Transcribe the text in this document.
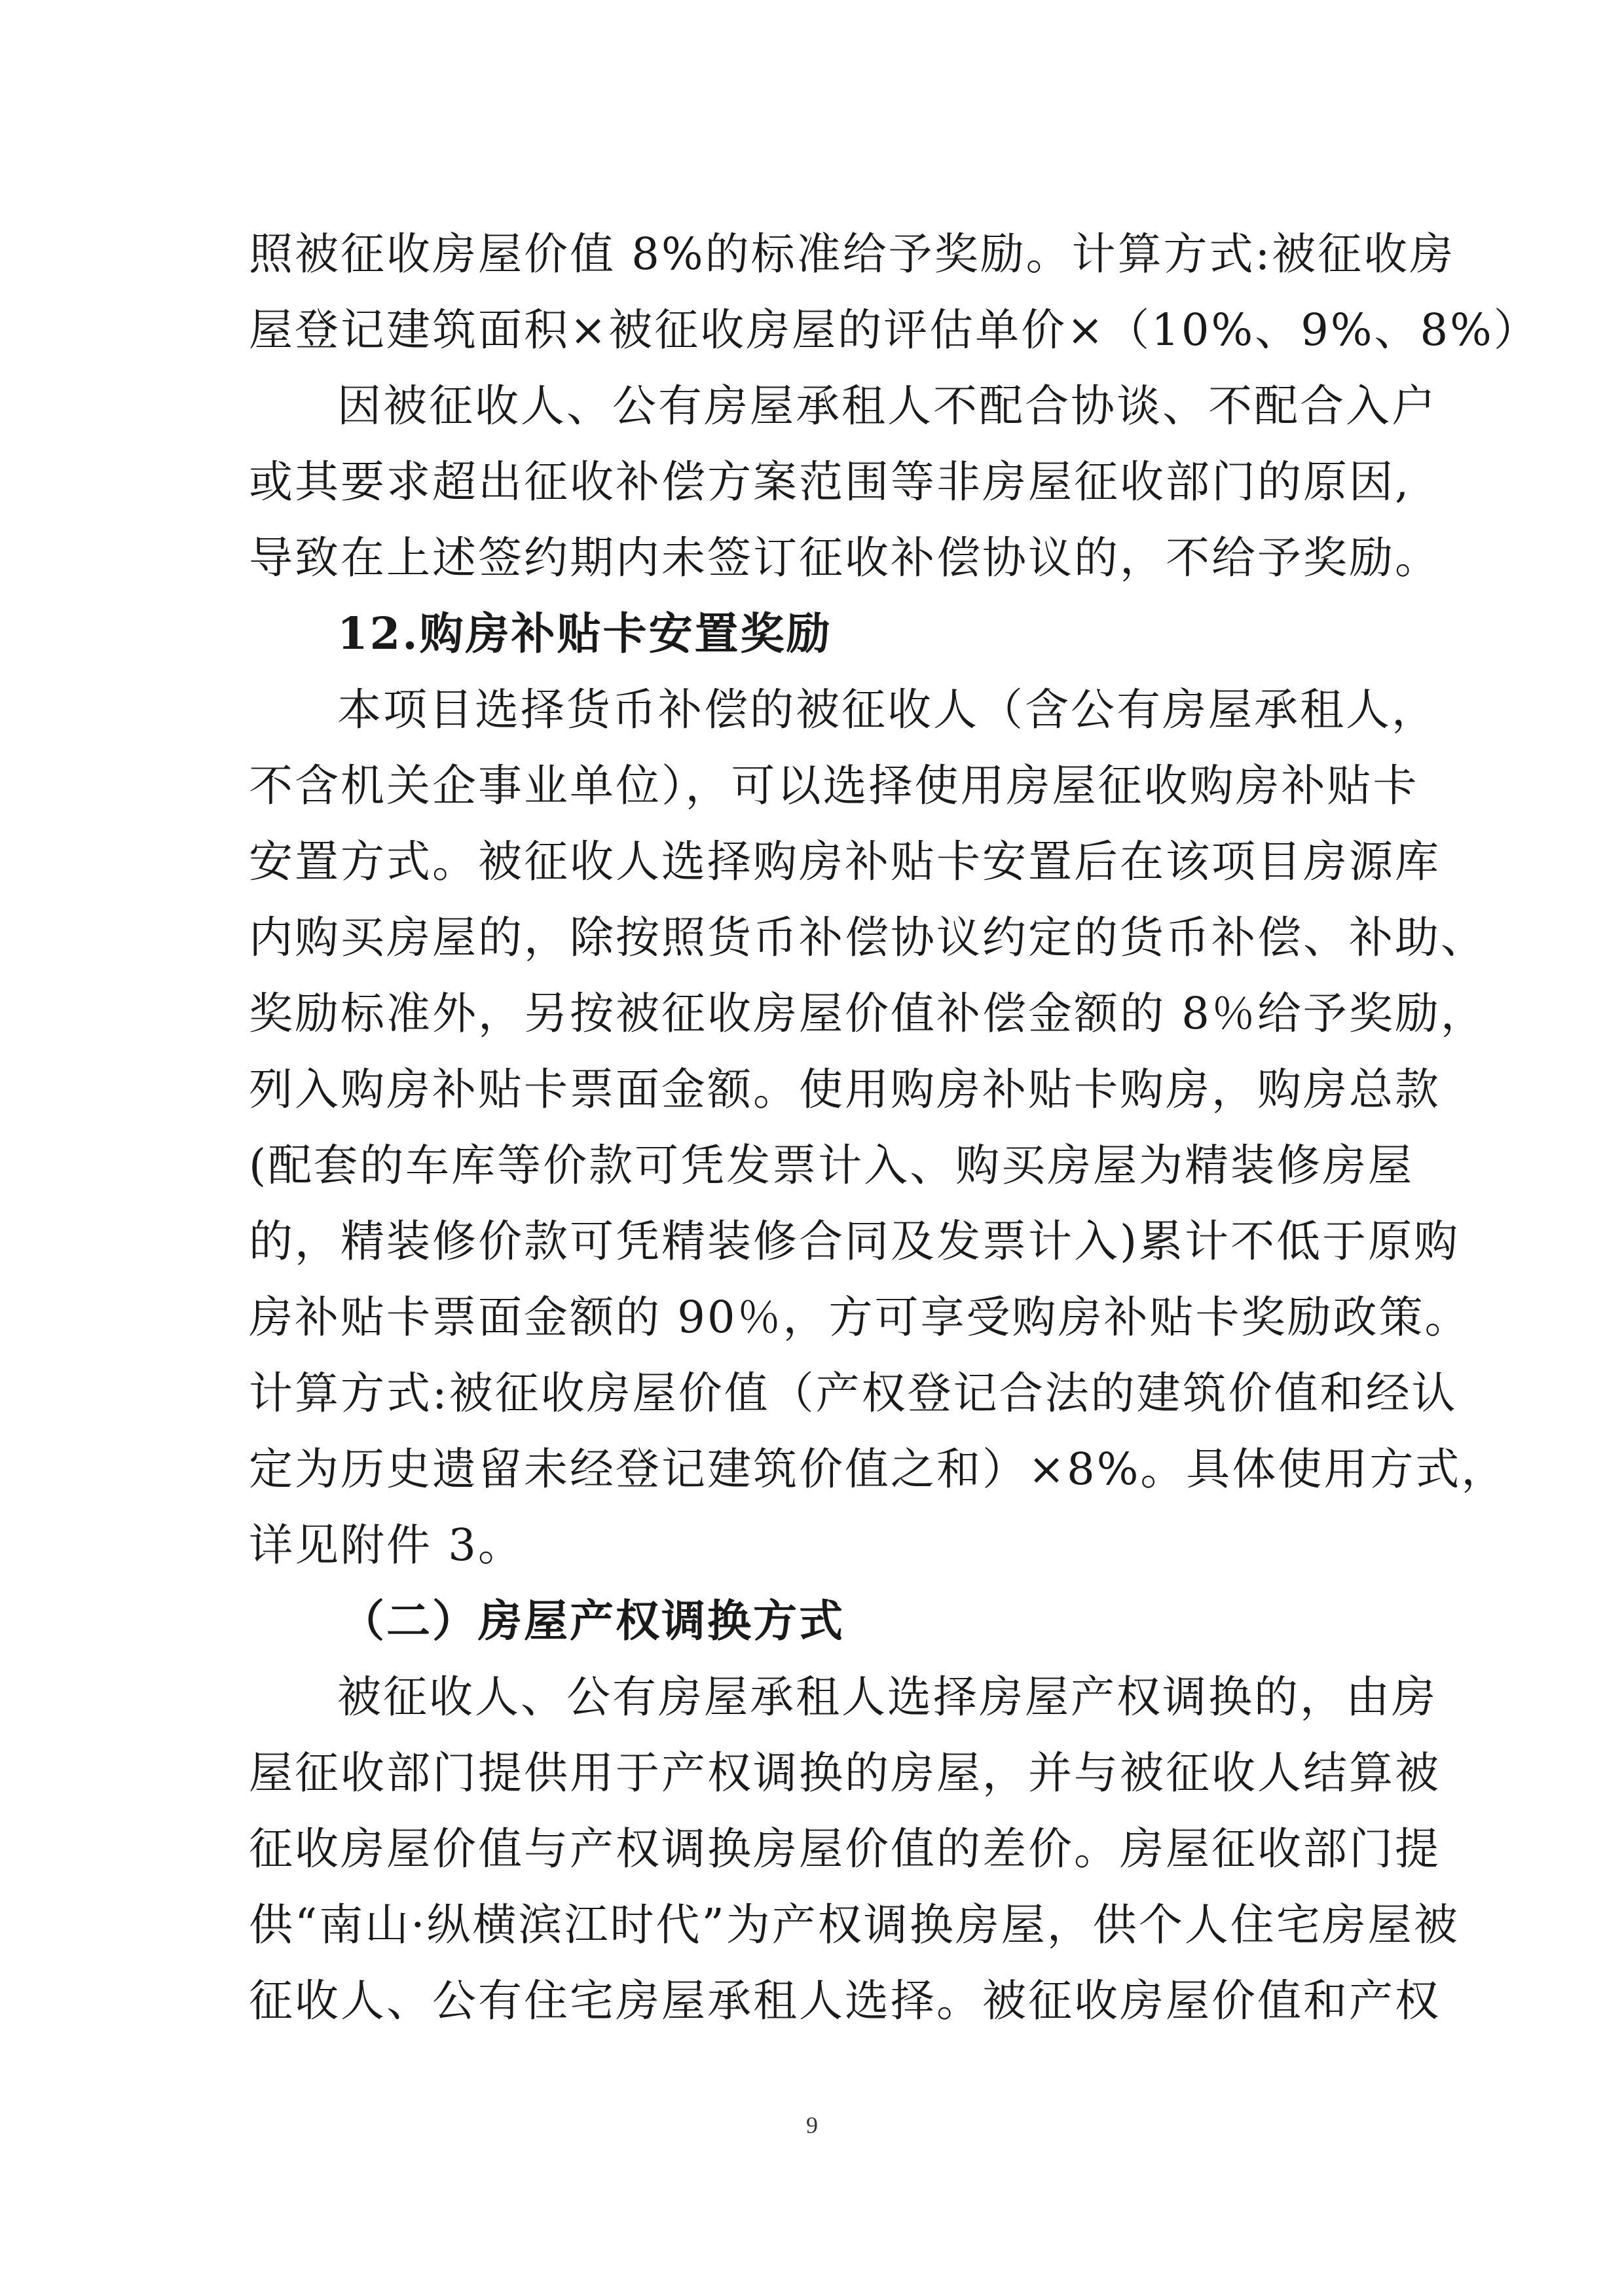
照被征收房屋价值 8%的标准给予奖励。计算方式:被征收房
屋登记建筑面积×被征收房屋的评估单价×（10%、9%、8%）
因被征收人、公有房屋承租人不配合协谈、不配合入户
或其要求超出征收补偿方案范围等非房屋征收部门的原因,
导致在上述签约期内未签订征收补偿协议的，不给予奖励。
12.购房补贴卡安置奖励
本项目选择货币补偿的被征收人（含公有房屋承租人，
不含机关企事业单位），可以选择使用房屋征收购房补贴卡
安置方式。被征收人选择购房补贴卡安置后在该项目房源库
内购买房屋的，除按照货币补偿协议约定的货币补偿、补助、
奖励标准外，另按被征收房屋价值补偿金额的 8％给予奖励，
列入购房补贴卡票面金额。使用购房补贴卡购房，购房总款
(配套的车库等价款可凭发票计入、购买房屋为精装修房屋
的，精装修价款可凭精装修合同及发票计入)累计不低于原购
房补贴卡票面金额的 90％，方可享受购房补贴卡奖励政策。
计算方式:被征收房屋价值（产权登记合法的建筑价值和经认
定为历史遗留未经登记建筑价值之和）×8%。具体使用方式，
详见附件 3。
（二）房屋产权调换方式
被征收人、公有房屋承租人选择房屋产权调换的，由房
屋征收部门提供用于产权调换的房屋，并与被征收人结算被
征收房屋价值与产权调换房屋价值的差价。房屋征收部门提
供“南山·纵横滨江时代”为产权调换房屋，供个人住宅房屋被
征收人、公有住宅房屋承租人选择。被征收房屋价值和产权
9
